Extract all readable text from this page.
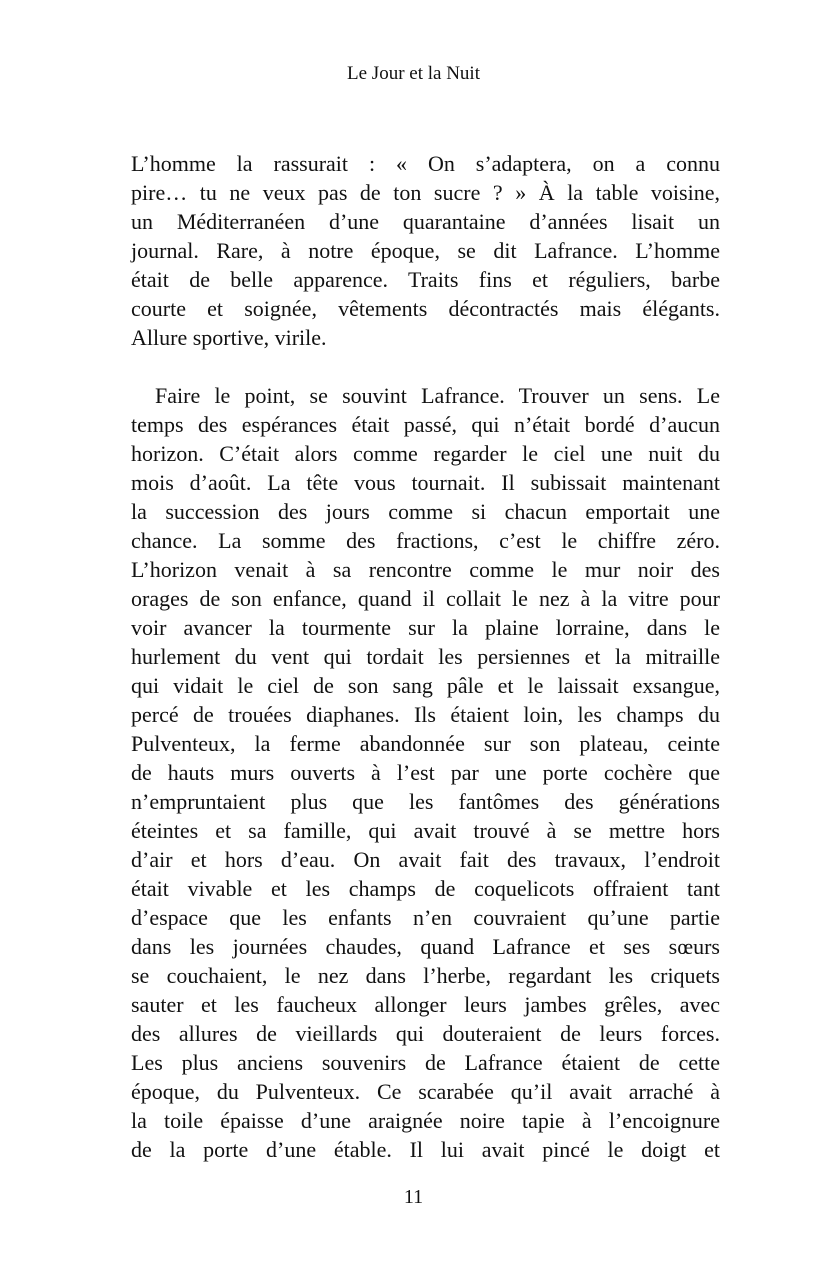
Le Jour et la Nuit

L’homme la rassurait : « On s’adaptera, on a connu
pire… tu ne veux pas de ton sucre ? » À la table voisine,
un Méditerranéen d’une quarantaine d’années lisait un
journal. Rare, à notre époque, se dit Lafrance. L’homme
était de belle apparence. Traits fins et réguliers, barbe
courte et soignée, vêtements décontractés mais élégants.
Allure sportive, virile.

Faire le point, se souvint Lafrance. Trouver un sens. Le
temps des espérances était passé, qui n’était bordé d’aucun
horizon. C’était alors comme regarder le ciel une nuit du
mois d’août. La tête vous tournait. Il subissait maintenant
la succession des jours comme si chacun emportait une
chance. La somme des fractions, c’est le chiffre zéro.
L’horizon venait à sa rencontre comme le mur noir des
orages de son enfance, quand il collait le nez à la vitre pour
voir avancer la tourmente sur la plaine lorraine, dans le
hurlement du vent qui tordait les persiennes et la mitraille
qui vidait le ciel de son sang pâle et le laissait exsangue,
percé de trouées diaphanes. Ils étaient loin, les champs du
Pulventeux, la ferme abandonnée sur son plateau, ceinte
de hauts murs ouverts à l’est par une porte cochère que
n’empruntaient plus que les fantômes des générations
éteintes et sa famille, qui avait trouvé à se mettre hors
d’air et hors d’eau. On avait fait des travaux, l’endroit
était vivable et les champs de coquelicots offraient tant
d’espace que les enfants n’en couvraient qu’une partie
dans les journées chaudes, quand Lafrance et ses sœurs
se couchaient, le nez dans l’herbe, regardant les criquets
sauter et les faucheux allonger leurs jambes grêles, avec
des allures de vieillards qui douteraient de leurs forces.
Les plus anciens souvenirs de Lafrance étaient de cette
époque, du Pulventeux. Ce scarabée qu’il avait arraché à
la toile épaisse d’une araignée noire tapie à l’encoignure
de la porte d’une étable. Il lui avait pincé le doigt et

11
